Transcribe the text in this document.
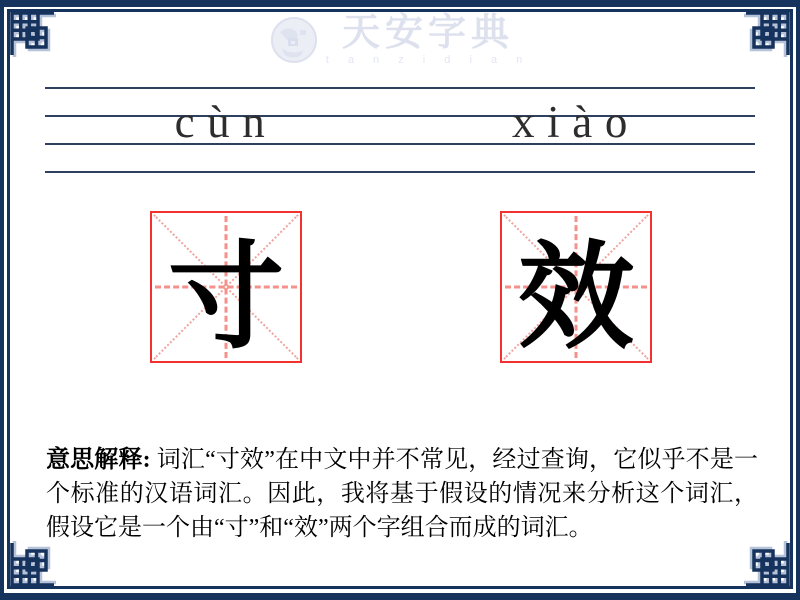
天安字典
t a n z i d i a n
cùn	xiào
寸 效

意思解释: 词汇“寸效”在中文中并不常见，经过查询，它似乎不是一个标准的汉语词汇。因此，我将基于假设的情况来分析这个词汇，假设它是一个由“寸”和“效”两个字组合而成的词汇。
